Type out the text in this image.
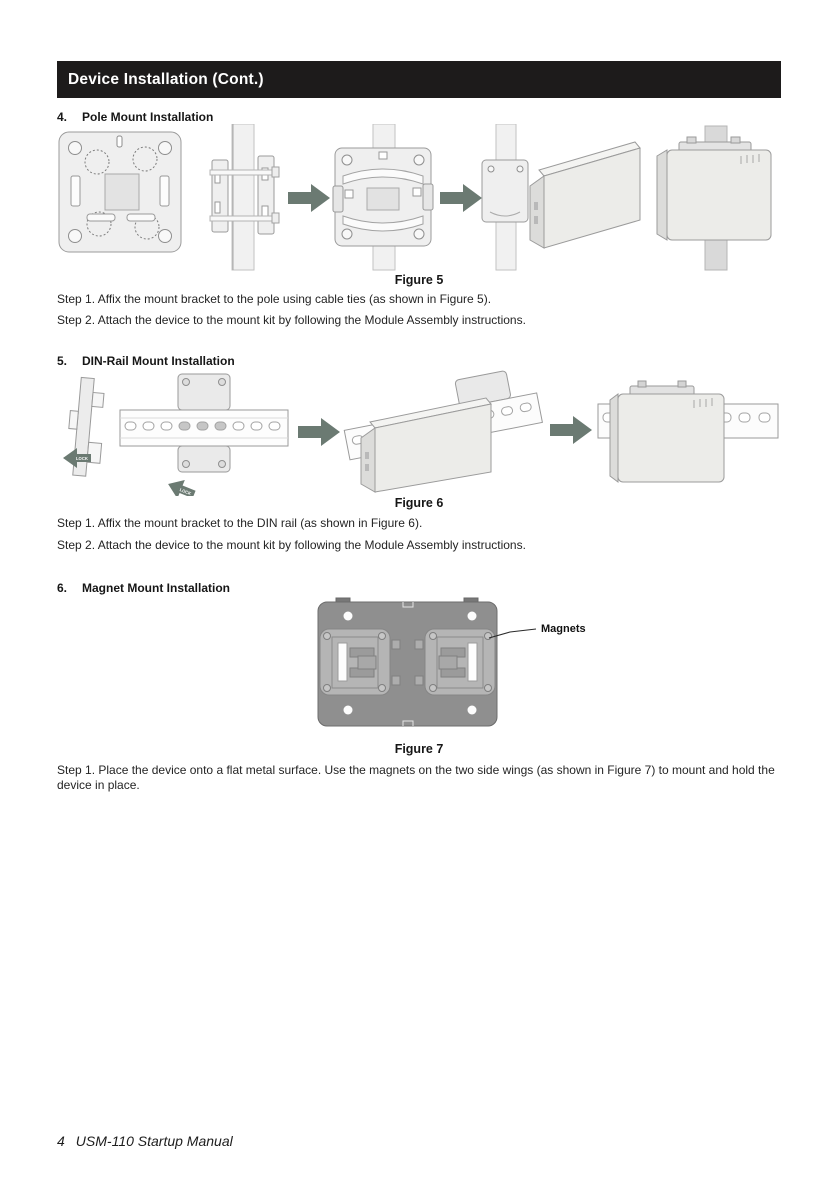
Device Installation (Cont.)
4.	Pole Mount Installation
Figure 5
Step 1. Affix the mount bracket to the pole using cable ties (as shown in Figure 5).
Step 2. Attach the device to the mount kit by following the Module Assembly instructions.
5.	DIN-Rail Mount Installation
LOCK
LOCK
Figure 6
Step 1. Affix the mount bracket to the DIN rail (as shown in Figure 6).
Step 2. Attach the device to the mount kit by following the Module Assembly instructions.
6.	Magnet Mount Installation
Magnets
Figure 7
Step 1. Place the device onto a flat metal surface. Use the magnets on the two side wings (as shown in Figure 7) to mount and hold the device in place.
4 USM-110 Startup Manual
